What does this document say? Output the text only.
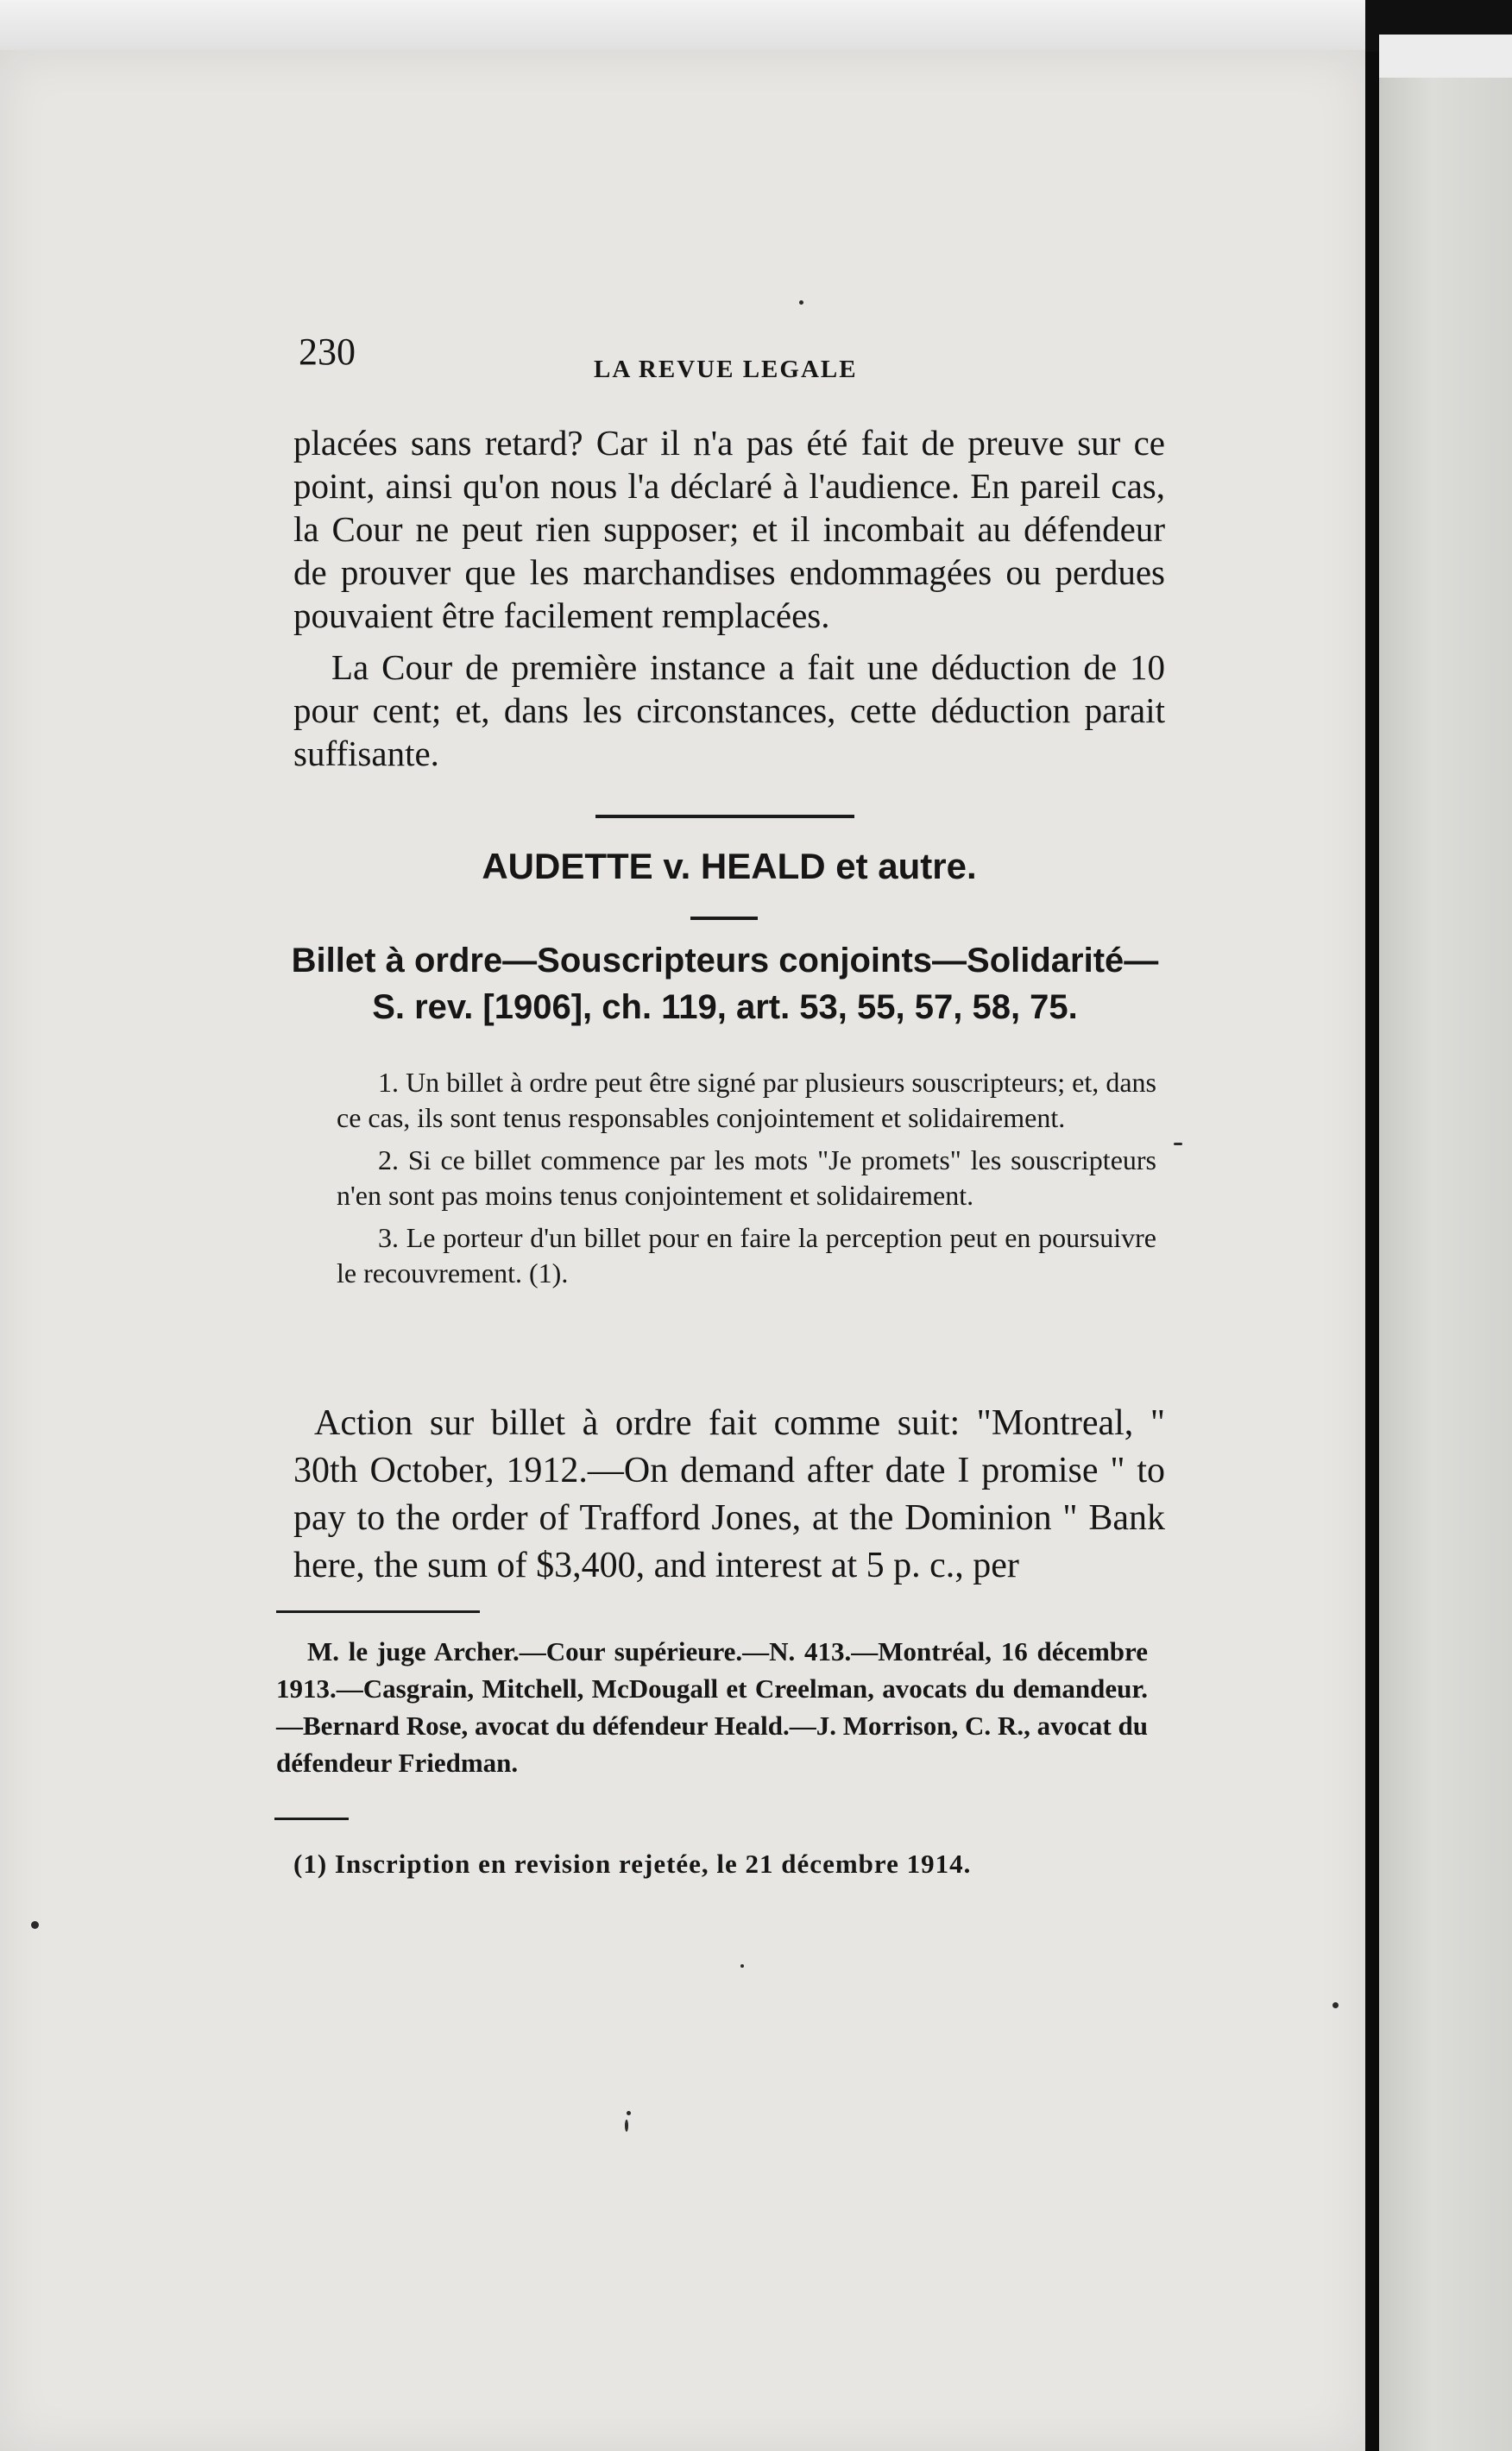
230	LA REVUE LEGALE

placées sans retard? Car il n'a pas été fait de preuve sur ce point, ainsi qu'on nous l'a déclaré à l'audience. En pareil cas, la Cour ne peut rien supposer; et il incombait au défendeur de prouver que les marchandises endommagées ou perdues pouvaient être facilement remplacées.

La Cour de première instance a fait une déduction de 10 pour cent; et, dans les circonstances, cette déduction parait suffisante.

AUDETTE v. HEALD et autre.
Billet à ordre—Souscripteurs conjoints—Solidarité—
S. rev. [1906], ch. 119, art. 53, 55, 57, 58, 75.

1. Un billet à ordre peut être signé par plusieurs souscripteurs; et, dans ce cas, ils sont tenus responsables conjointement et solidairement.

2. Si ce billet commence par les mots "Je promets" les souscripteurs n'en sont pas moins tenus conjointement et solidairement.

3. Le porteur d'un billet pour en faire la perception peut en poursuivre le recouvrement. (1).

Action sur billet à ordre fait comme suit: "Montreal, " 30th October, 1912.—On demand after date I promise " to pay to the order of Trafford Jones, at the Dominion " Bank here, the sum of $3,400, and interest at 5 p. c., per

M. le juge Archer.—Cour supérieure.—N. 413.—Montréal, 16 décembre 1913.—Casgrain, Mitchell, McDougall et Creelman, avocats du demandeur.—Bernard Rose, avocat du défendeur Heald.—J. Morrison, C. R., avocat du défendeur Friedman.

(1) Inscription en revision rejetée, le 21 décembre 1914.
